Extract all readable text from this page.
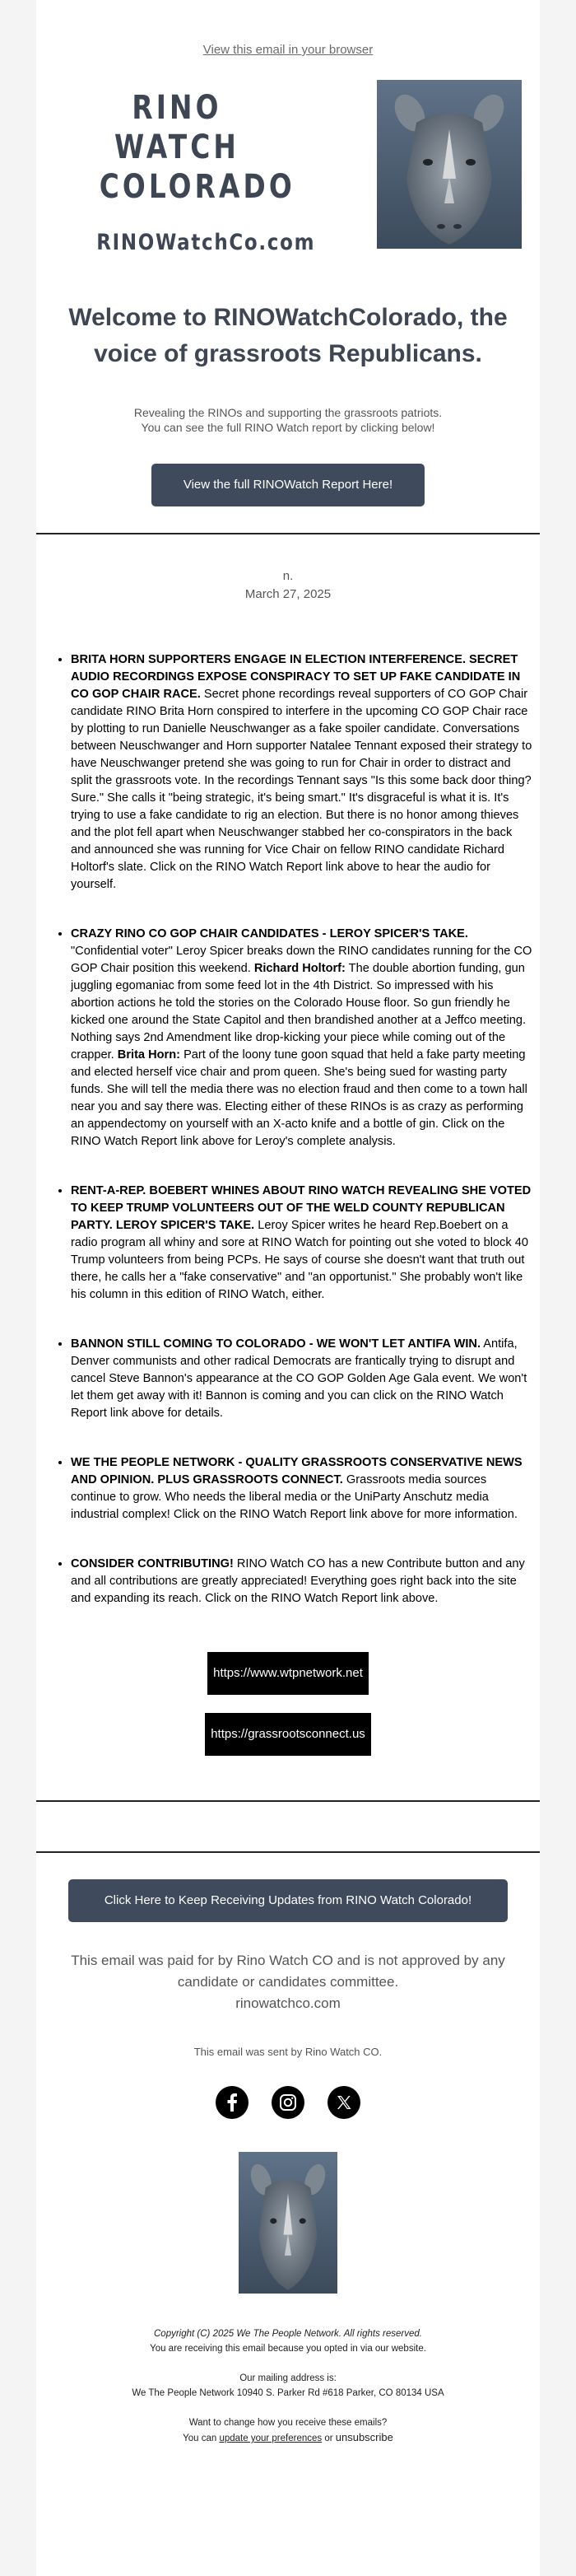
View this email in your browser
RINO WATCH
COLORADO
RINOWatchCo.com
Welcome to RINOWatchColorado, the voice of grassroots Republicans.
Revealing the RINOs and supporting the grassroots patriots.
You can see the full RINO Watch report by clicking below!
View the full RINOWatch Report Here!
n.
March 27, 2025
• BRITA HORN SUPPORTERS ENGAGE IN ELECTION INTERFERENCE. SECRET AUDIO RECORDINGS EXPOSE CONSPIRACY TO SET UP FAKE CANDIDATE IN CO GOP CHAIR RACE. Secret phone recordings reveal supporters of CO GOP Chair candidate RINO Brita Horn conspired to interfere in the upcoming CO GOP Chair race by plotting to run Danielle Neuschwanger as a fake spoiler candidate. Conversations between Neuschwanger and Horn supporter Natalee Tennant exposed their strategy to have Neuschwanger pretend she was going to run for Chair in order to distract and split the grassroots vote. In the recordings Tennant says "Is this some back door thing? Sure." She calls it "being strategic, it's being smart." It's disgraceful is what it is. It's trying to use a fake candidate to rig an election. But there is no honor among thieves and the plot fell apart when Neuschwanger stabbed her co-conspirators in the back and announced she was running for Vice Chair on fellow RINO candidate Richard Holtorf's slate. Click on the RINO Watch Report link above to hear the audio for yourself.
• CRAZY RINO CO GOP CHAIR CANDIDATES - LEROY SPICER'S TAKE. "Confidential voter" Leroy Spicer breaks down the RINO candidates running for the CO GOP Chair position this weekend. Richard Holtorf: The double abortion funding, gun juggling egomaniac from some feed lot in the 4th District. So impressed with his abortion actions he told the stories on the Colorado House floor. So gun friendly he kicked one around the State Capitol and then brandished another at a Jeffco meeting. Nothing says 2nd Amendment like drop-kicking your piece while coming out of the crapper. Brita Horn: Part of the loony tune goon squad that held a fake party meeting and elected herself vice chair and prom queen. She's being sued for wasting party funds. She will tell the media there was no election fraud and then come to a town hall near you and say there was. Electing either of these RINOs is as crazy as performing an appendectomy on yourself with an X-acto knife and a bottle of gin. Click on the RINO Watch Report link above for Leroy's complete analysis.
• RENT-A-REP. BOEBERT WHINES ABOUT RINO WATCH REVEALING SHE VOTED TO KEEP TRUMP VOLUNTEERS OUT OF THE WELD COUNTY REPUBLICAN PARTY. LEROY SPICER'S TAKE. Leroy Spicer writes he heard Rep.Boebert on a radio program all whiny and sore at RINO Watch for pointing out she voted to block 40 Trump volunteers from being PCPs. He says of course she doesn't want that truth out there, he calls her a "fake conservative" and "an opportunist." She probably won't like his column in this edition of RINO Watch, either.
• BANNON STILL COMING TO COLORADO - WE WON'T LET ANTIFA WIN. Antifa, Denver communists and other radical Democrats are frantically trying to disrupt and cancel Steve Bannon's appearance at the CO GOP Golden Age Gala event. We won't let them get away with it! Bannon is coming and you can click on the RINO Watch Report link above for details.
• WE THE PEOPLE NETWORK - QUALITY GRASSROOTS CONSERVATIVE NEWS AND OPINION. PLUS GRASSROOTS CONNECT. Grassroots media sources continue to grow. Who needs the liberal media or the UniParty Anschutz media industrial complex! Click on the RINO Watch Report link above for more information.
• CONSIDER CONTRIBUTING! RINO Watch CO has a new Contribute button and any and all contributions are greatly appreciated! Everything goes right back into the site and expanding its reach. Click on the RINO Watch Report link above.
https://www.wtpnetwork.net
https://grassrootsconnect.us
Click Here to Keep Receiving Updates from RINO Watch Colorado!
This email was paid for by Rino Watch CO and is not approved by any
candidate or candidates committee.
rinowatchco.com
This email was sent by Rino Watch CO.

Copyright (C) 2025 We The People Network. All rights reserved.
You are receiving this email because you opted in via our website.
Our mailing address is:
We The People Network 10940 S. Parker Rd #618 Parker, CO 80134 USA
Want to change how you receive these emails?
You can update your preferences or unsubscribe
